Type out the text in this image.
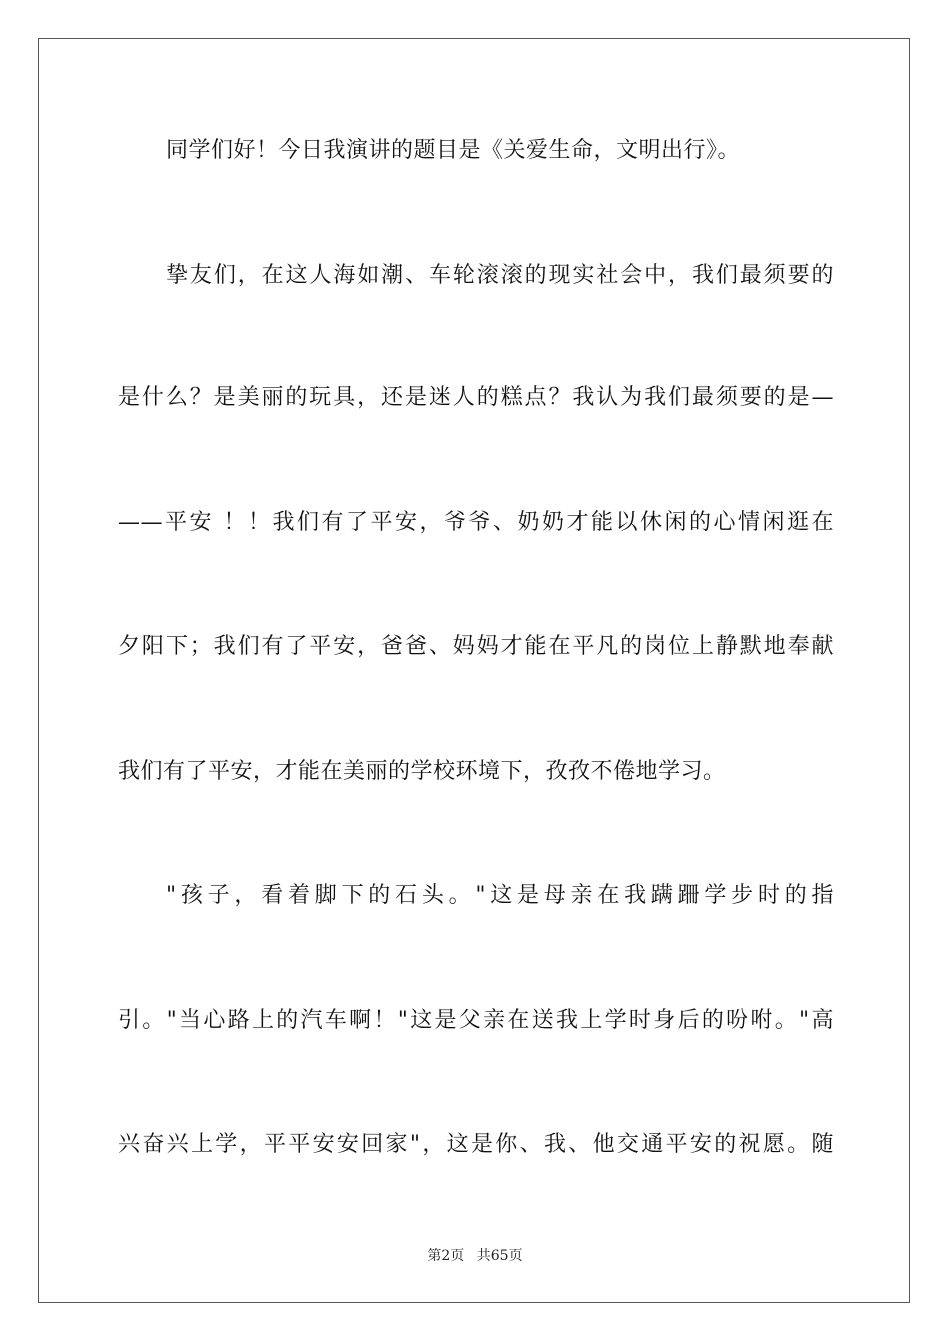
同学们好！今日我演讲的题目是《关爱生命，文明出行》。
挚友们，在这人海如潮、车轮滚滚的现实社会中，我们最须要的
是什么？是美丽的玩具，还是迷人的糕点？我认为我们最须要的是—
——平安 ！！我们有了平安，爷爷、奶奶才能以休闲的心情闲逛在
夕阳下；我们有了平安，爸爸、妈妈才能在平凡的岗位上静默地奉献
我们有了平安，才能在美丽的学校环境下，孜孜不倦地学习。
"孩子，看着脚下的石头。"这是母亲在我蹒跚学步时的指
引。"当心路上的汽车啊！"这是父亲在送我上学时身后的吩咐。"高
兴奋兴上学，平平安安回家"，这是你、我、他交通平安的祝愿。随
第2页 共65页
